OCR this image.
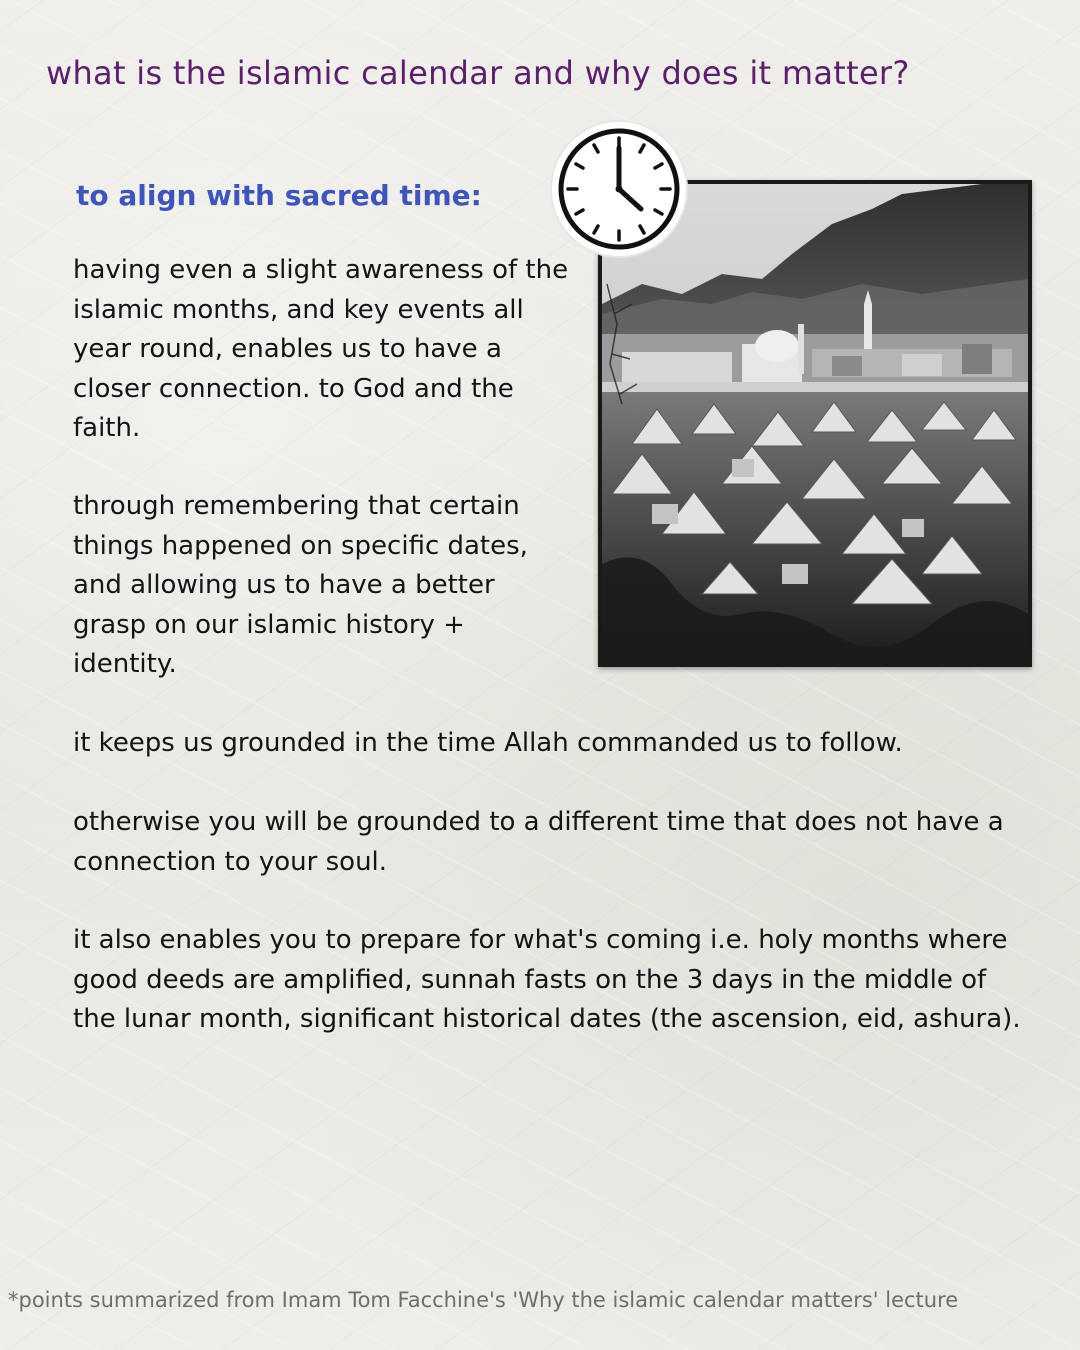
what is the islamic calendar and why does it matter?
to align with sacred time:

having even a slight awareness of the islamic months, and key events all year round, enables us to have a closer connection. to God and the faith.

through remembering that certain things happened on specific dates, and allowing us to have a better grasp on our islamic history + identity.

it keeps us grounded in the time Allah commanded us to follow.

otherwise you will be grounded to a different time that does not have a connection to your soul.

it also enables you to prepare for what's coming i.e. holy months where good deeds are amplified, sunnah fasts on the 3 days in the middle of the lunar month, significant historical dates (the ascension, eid, ashura).

*points summarized from Imam Tom Facchine's 'Why the islamic calendar matters' lecture
